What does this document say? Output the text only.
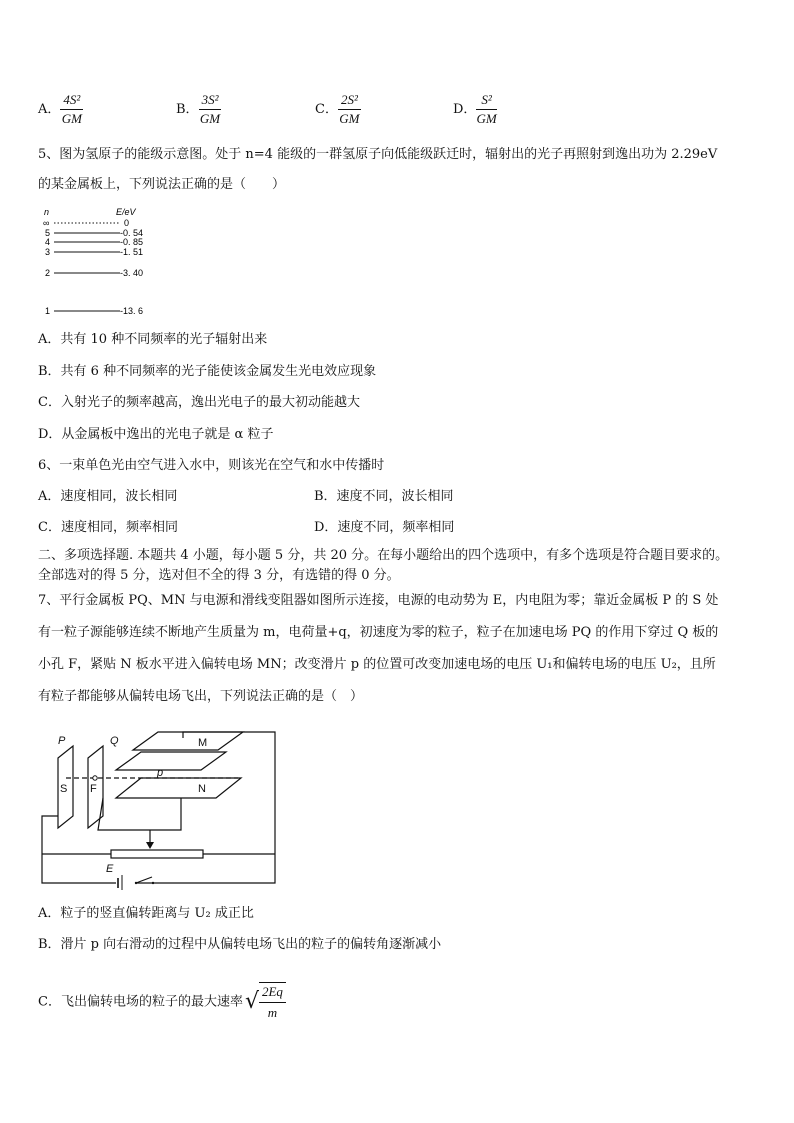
A． $\frac{\text{4S²}}{GM}$	B． $\frac{\text{3S²}}{GM}$	C． $\frac{\text{2S²}}{GM}$	D． $\frac{\text{S²}}{GM}$
5、图为氢原子的能级示意图。处于 n=4 能级的一群氢原子向低能级跃迁时，辐射出的光子再照射到逸出功为 2.29eV
的某金属板上，下列说法正确的是（　　）
n	E/eV
∞	0
5	-0. 54
4	-0. 85
3	-1. 51
2	-3. 40
1	-13. 6
A．共有 10 种不同频率的光子辐射出来
B．共有 6 种不同频率的光子能使该金属发生光电效应现象
C．入射光子的频率越高，逸出光电子的最大初动能越大
D．从金属板中逸出的光电子就是 α 粒子
6、一束单色光由空气进入水中，则该光在空气和水中传播时
A．速度相同，波长相同	B．速度不同，波长相同
C．速度相同，频率相同	D．速度不同，频率相同
二、多项选择题. 本题共 4 小题，每小题 5 分，共 20 分。在每小题给出的四个选项中，有多个选项是符合题目要求的。
全部选对的得 5 分，选对但不全的得 3 分，有选错的得 0 分。
7、平行金属板 PQ、MN 与电源和滑线变阻器如图所示连接，电源的电动势为 E，内电阻为零；靠近金属板 P 的 S 处
有一粒子源能够连续不断地产生质量为 m，电荷量+q，初速度为零的粒子，粒子在加速电场 PQ 的作用下穿过 Q 板的
小孔 F，紧贴 N 板水平进入偏转电场 MN；改变滑片 p 的位置可改变加速电场的电压 U₁和偏转电场的电压 U₂，且所
有粒子都能够从偏转电场飞出，下列说法正确的是（　）
P	Q
p
E
S F
M
N
A．粒子的竖直偏转距离与 U₂ 成正比
B．滑片 p 向右滑动的过程中从偏转电场飞出的粒子的偏转角逐渐减小
C．飞出偏转电场的粒子的最大速率√ $\frac{2Eq}{m}$
